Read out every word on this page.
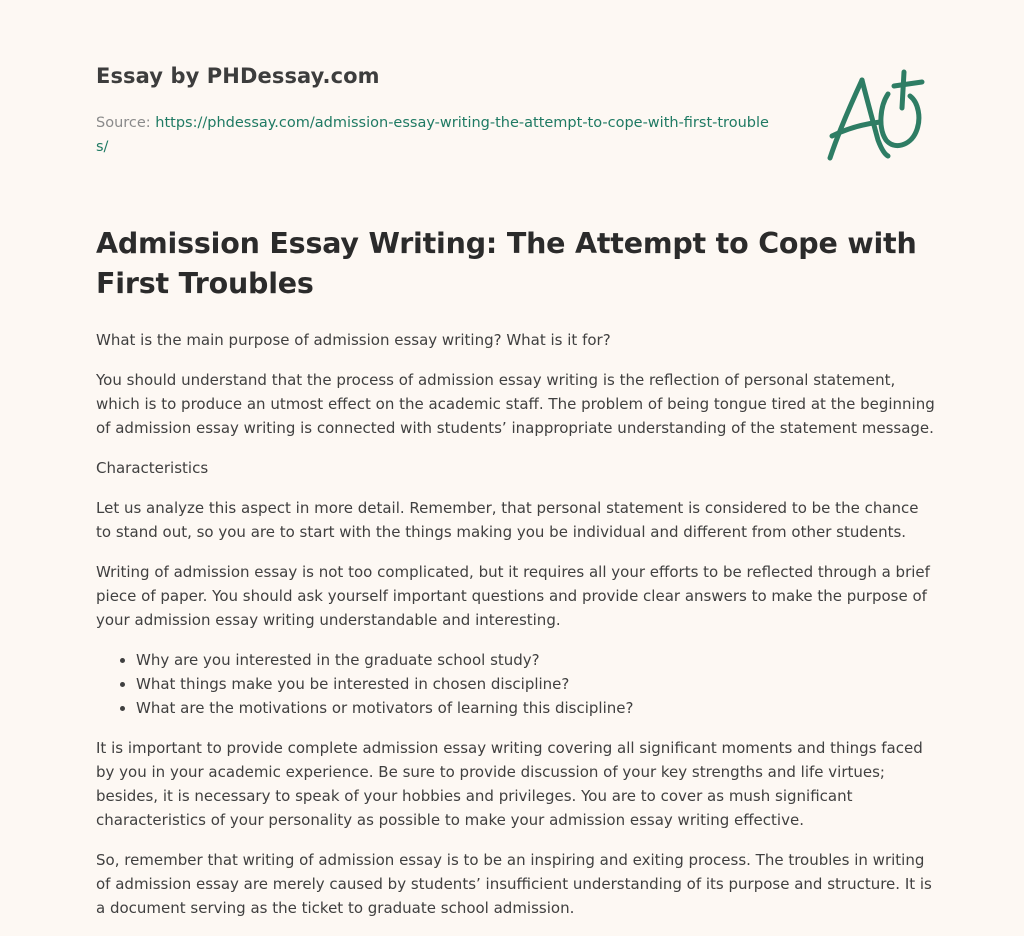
Essay by PHDessay.com
Source: https://phdessay.com/admission-essay-writing-the-attempt-to-cope-with-first-troubles/
Admission Essay Writing: The Attempt to Cope with First Troubles

What is the main purpose of admission essay writing? What is it for?

You should understand that the process of admission essay writing is the reflection of personal statement, which is to produce an utmost effect on the academic staff. The problem of being tongue tired at the beginning of admission essay writing is connected with students’ inappropriate understanding of the statement message.

Characteristics

Let us analyze this aspect in more detail. Remember, that personal statement is considered to be the chance to stand out, so you are to start with the things making you be individual and different from other students.

Writing of admission essay is not too complicated, but it requires all your efforts to be reflected through a brief piece of paper. You should ask yourself important questions and provide clear answers to make the purpose of your admission essay writing understandable and interesting.

• Why are you interested in the graduate school study?
• What things make you be interested in chosen discipline?
• What are the motivations or motivators of learning this discipline?

It is important to provide complete admission essay writing covering all significant moments and things faced by you in your academic experience. Be sure to provide discussion of your key strengths and life virtues; besides, it is necessary to speak of your hobbies and privileges. You are to cover as mush significant characteristics of your personality as possible to make your admission essay writing effective.

So, remember that writing of admission essay is to be an inspiring and exiting process. The troubles in writing of admission essay are merely caused by students’ insufficient understanding of its purpose and structure. It is a document serving as the ticket to graduate school admission.
